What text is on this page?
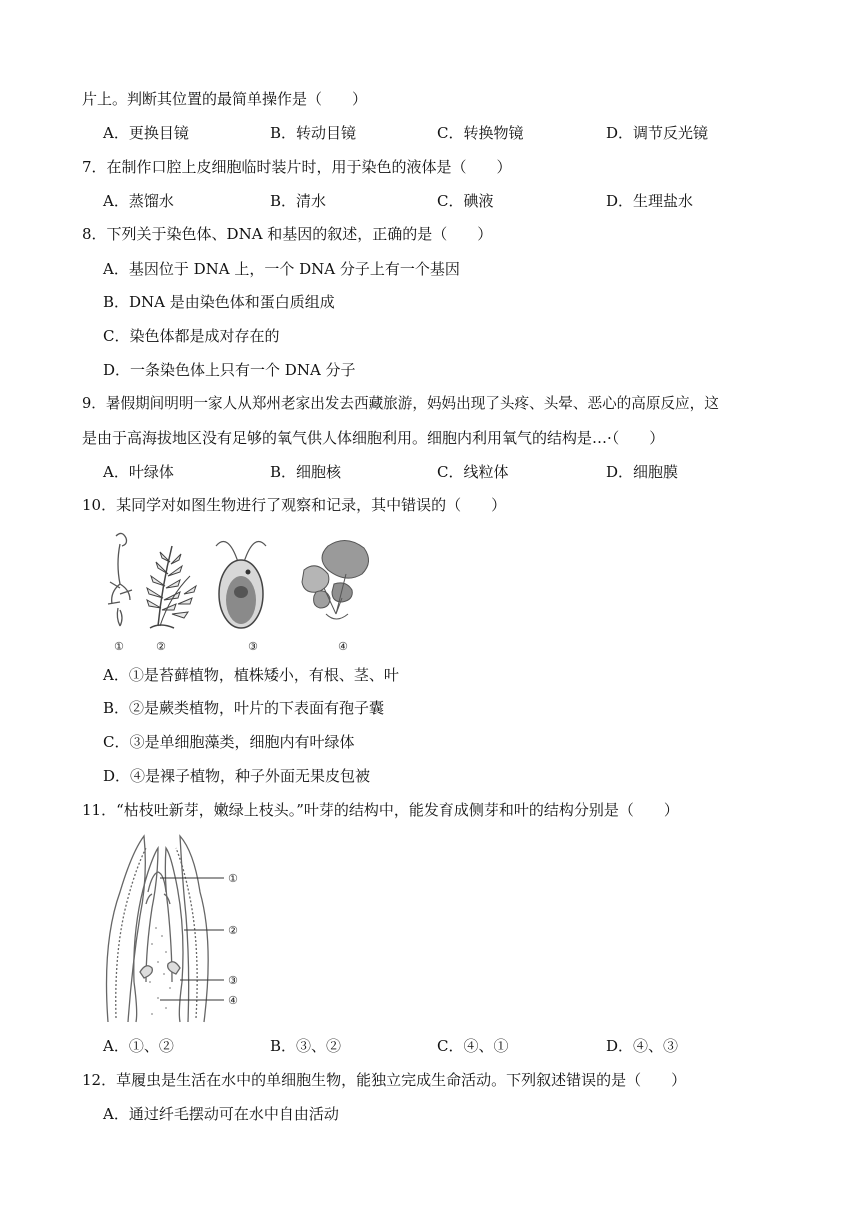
片上。判断其位置的最简单操作是（　　）
A．更换目镜	B．转动目镜	C．转换物镜	D．调节反光镜
7．在制作口腔上皮细胞临时装片时，用于染色的液体是（　　）
A．蒸馏水	B．清水	C．碘液	D．生理盐水
8．下列关于染色体、DNA 和基因的叙述，正确的是（　　）
A．基因位于 DNA 上，一个 DNA 分子上有一个基因
B．DNA 是由染色体和蛋白质组成
C．染色体都是成对存在的
D．一条染色体上只有一个 DNA 分子
9．暑假期间明明一家人从郑州老家出发去西藏旅游，妈妈出现了头疼、头晕、恶心的高原反应，这
是由于高海拔地区没有足够的氧气供人体细胞利用。细胞内利用氧气的结构是…·（　　）
A．叶绿体	B．细胞核	C．线粒体	D．细胞膜
10．某同学对如图生物进行了观察和记录，其中错误的（　　）
①	②	③	④
A．①是苔藓植物，植株矮小，有根、茎、叶
B．②是蕨类植物，叶片的下表面有孢子囊
C．③是单细胞藻类，细胞内有叶绿体
D．④是裸子植物，种子外面无果皮包被
11．“枯枝吐新芽，嫩绿上枝头。”叶芽的结构中，能发育成侧芽和叶的结构分别是（　　）
①
②
③
④
A．①、②	B．③、②	C．④、①	D．④、③
12．草履虫是生活在水中的单细胞生物，能独立完成生命活动。下列叙述错误的是（　　）
A．通过纤毛摆动可在水中自由活动
